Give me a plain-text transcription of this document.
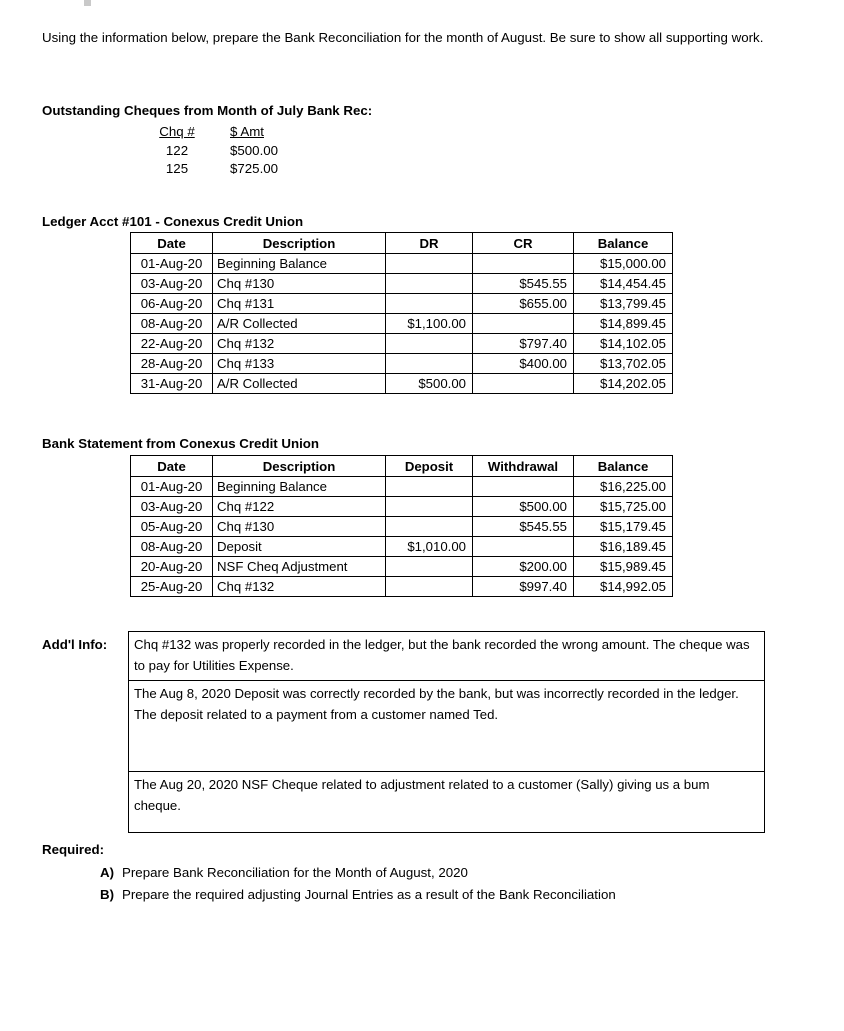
Using the information below, prepare the Bank Reconciliation for the month of August. Be sure to show all supporting work.
Outstanding Cheques from Month of July Bank Rec:
Chq #	$ Amt
122	$500.00
125	$725.00
Ledger Acct #101 - Conexus Credit Union
Date	Description	DR	CR	Balance
01-Aug-20	Beginning Balance			$15,000.00
03-Aug-20	Chq #130		$545.55	$14,454.45
06-Aug-20	Chq #131		$655.00	$13,799.45
08-Aug-20	A/R Collected	$1,100.00		$14,899.45
22-Aug-20	Chq #132		$797.40	$14,102.05
28-Aug-20	Chq #133		$400.00	$13,702.05
31-Aug-20	A/R Collected	$500.00		$14,202.05
Bank Statement from Conexus Credit Union
Date	Description	Deposit	Withdrawal	Balance
01-Aug-20	Beginning Balance			$16,225.00
03-Aug-20	Chq #122		$500.00	$15,725.00
05-Aug-20	Chq #130		$545.55	$15,179.45
08-Aug-20	Deposit	$1,010.00		$16,189.45
20-Aug-20	NSF Cheq Adjustment		$200.00	$15,989.45
25-Aug-20	Chq #132		$997.40	$14,992.05
Add'l Info:	Chq #132 was properly recorded in the ledger, but the bank recorded the wrong amount. The cheque was to pay for Utilities Expense.
The Aug 8, 2020 Deposit was correctly recorded by the bank, but was incorrectly recorded in the ledger. The deposit related to a payment from a customer named Ted.
The Aug 20, 2020 NSF Cheque related to adjustment related to a customer (Sally) giving us a bum cheque.
Required:
A) Prepare Bank Reconciliation for the Month of August, 2020
B) Prepare the required adjusting Journal Entries as a result of the Bank Reconciliation
